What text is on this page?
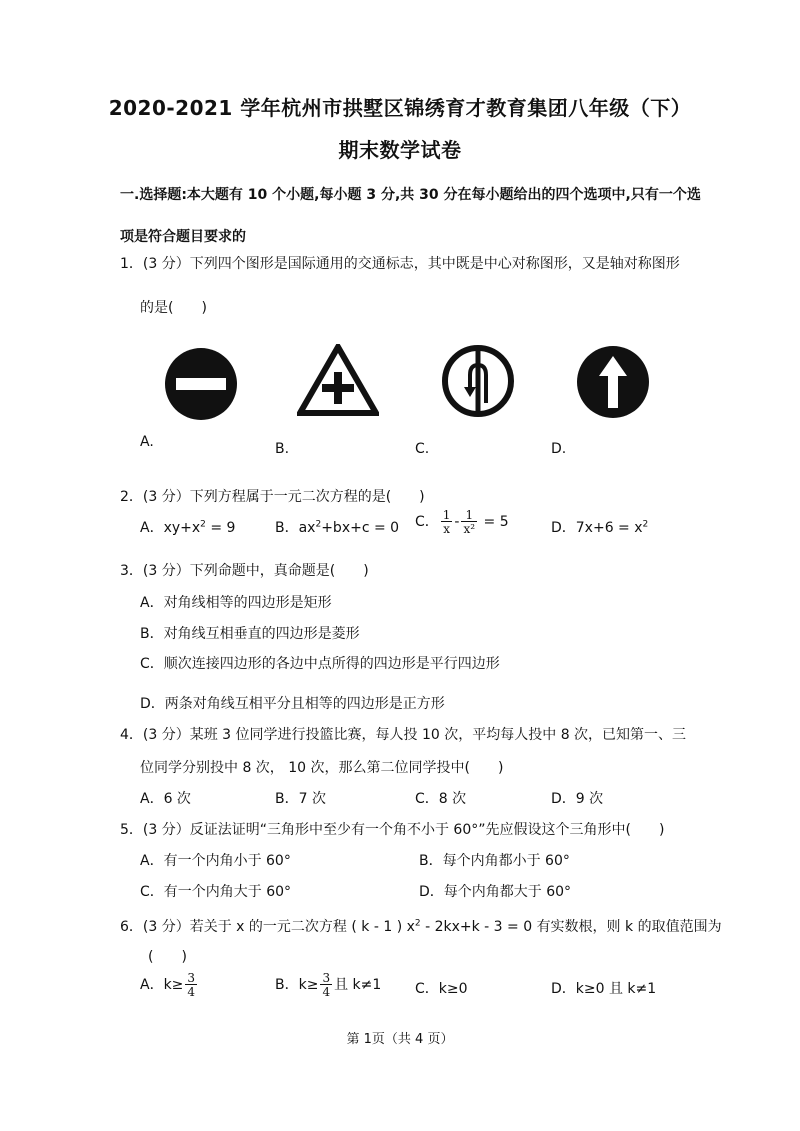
2020-2021 学年杭州市拱墅区锦绣育才教育集团八年级（下）
期末数学试卷
一.选择题:本大题有 10 个小题,每小题 3 分,共 30 分在每小题给出的四个选项中,只有一个选
项是符合题目要求的
1．(3 分）下列四个图形是国际通用的交通标志，其中既是中心对称图形，又是轴对称图形
的是(　　)
A.	B.	C.	D.
2．(3 分）下列方程属于一元二次方程的是(　　)
A．$xy+x^2 = 9$	B．$ax^2+bx+c = 0$ C． $\frac{1}{x} - \frac{1}{\text{x²}} = 5$	D．$7x+6 = x^2$
3．(3 分）下列命题中，真命题是(　　)
A．对角线相等的四边形是矩形
B．对角线互相垂直的四边形是菱形
C．顺次连接四边形的各边中点所得的四边形是平行四边形
D．两条对角线互相平分且相等的四边形是正方形
4．(3 分）某班 3 位同学进行投篮比赛，每人投 10 次，平均每人投中 8 次，已知第一、三
位同学分别投中 8 次， 10 次，那么第二位同学投中(　　)
A．6 次	B．7 次	C．8 次	D．9 次
5．(3 分）反证法证明“三角形中至少有一个角不小于 60°”先应假设这个三角形中(　　)
A．有一个内角小于 60°	B．每个内角都小于 60°
C．有一个内角大于 60°	D．每个内角都大于 60°
6．(3 分）若关于 x 的一元二次方程 ( k - 1 ) $x^2 - 2kx+k - 3 = 0$ 有实数根，则 k 的取值范围为
(　　)
A．$k\ge \frac{3}{4}$	B．$k\ge \frac{3}{4}$ 且 k≠1 C．k≥0	D．k≥0 且 k≠1
第 1页（共 4 页）
